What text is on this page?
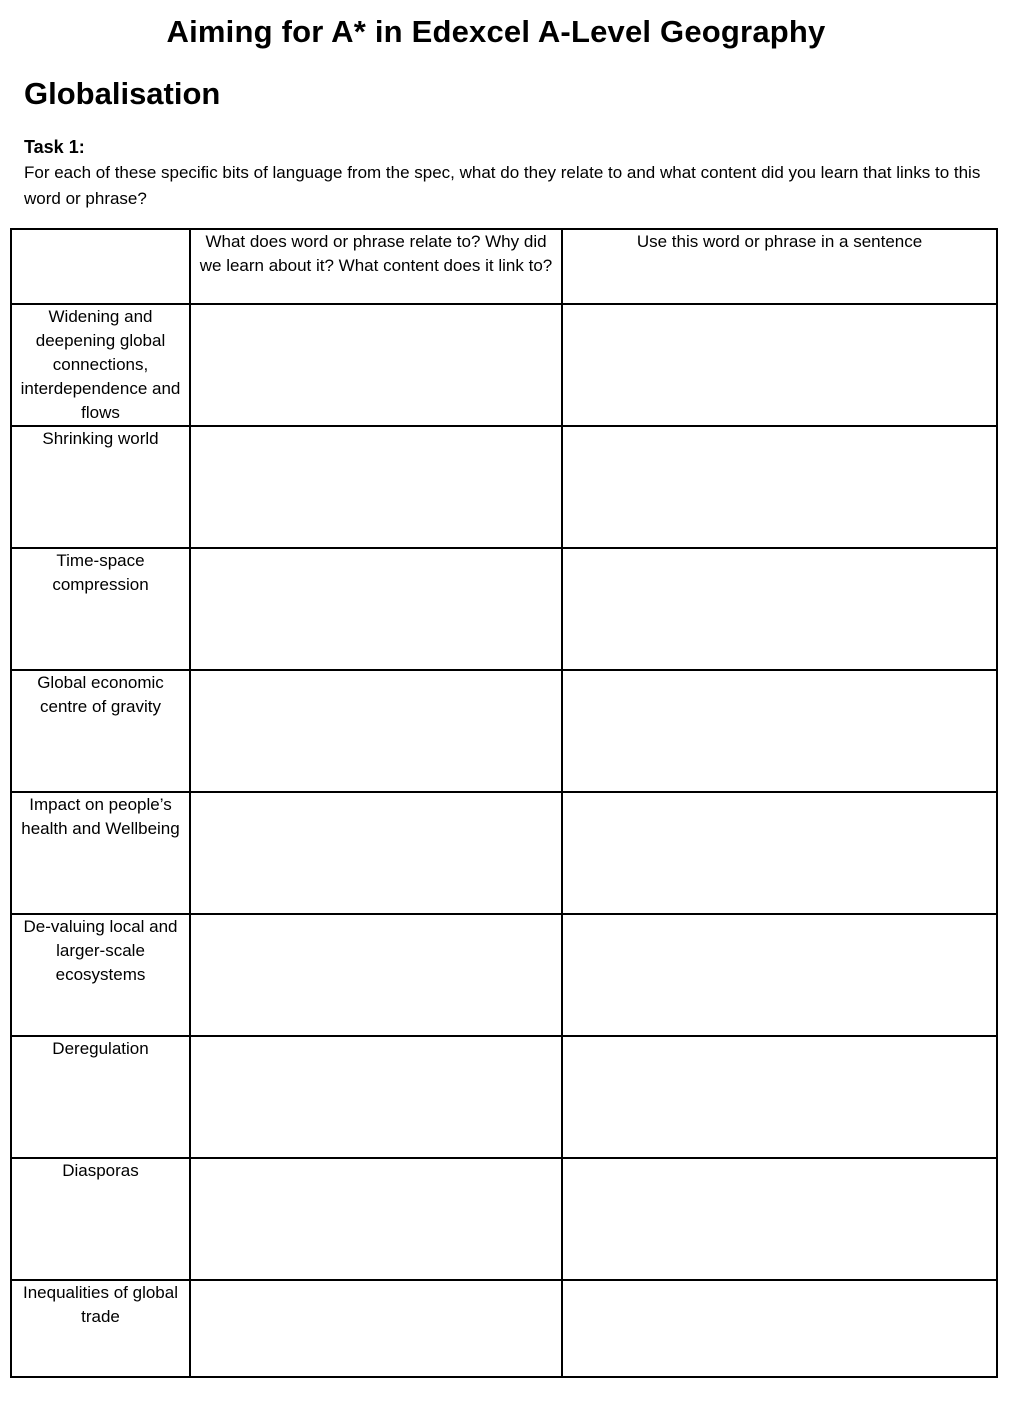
Aiming for A* in Edexcel A-Level Geography
Globalisation
Task 1:
For each of these specific bits of language from the spec, what do they relate to and what content did you learn that links to this word or phrase?
	What does word or phrase relate to? Why did we learn about it? What content does it link to?	Use this word or phrase in a sentence
Widening and deepening global connections, interdependence and flows		
Shrinking world		
Time-space compression		
Global economic centre of gravity		
Impact on people’s health and Wellbeing		
De-valuing local and larger-scale ecosystems		
Deregulation		
Diasporas		
Inequalities of global trade		
